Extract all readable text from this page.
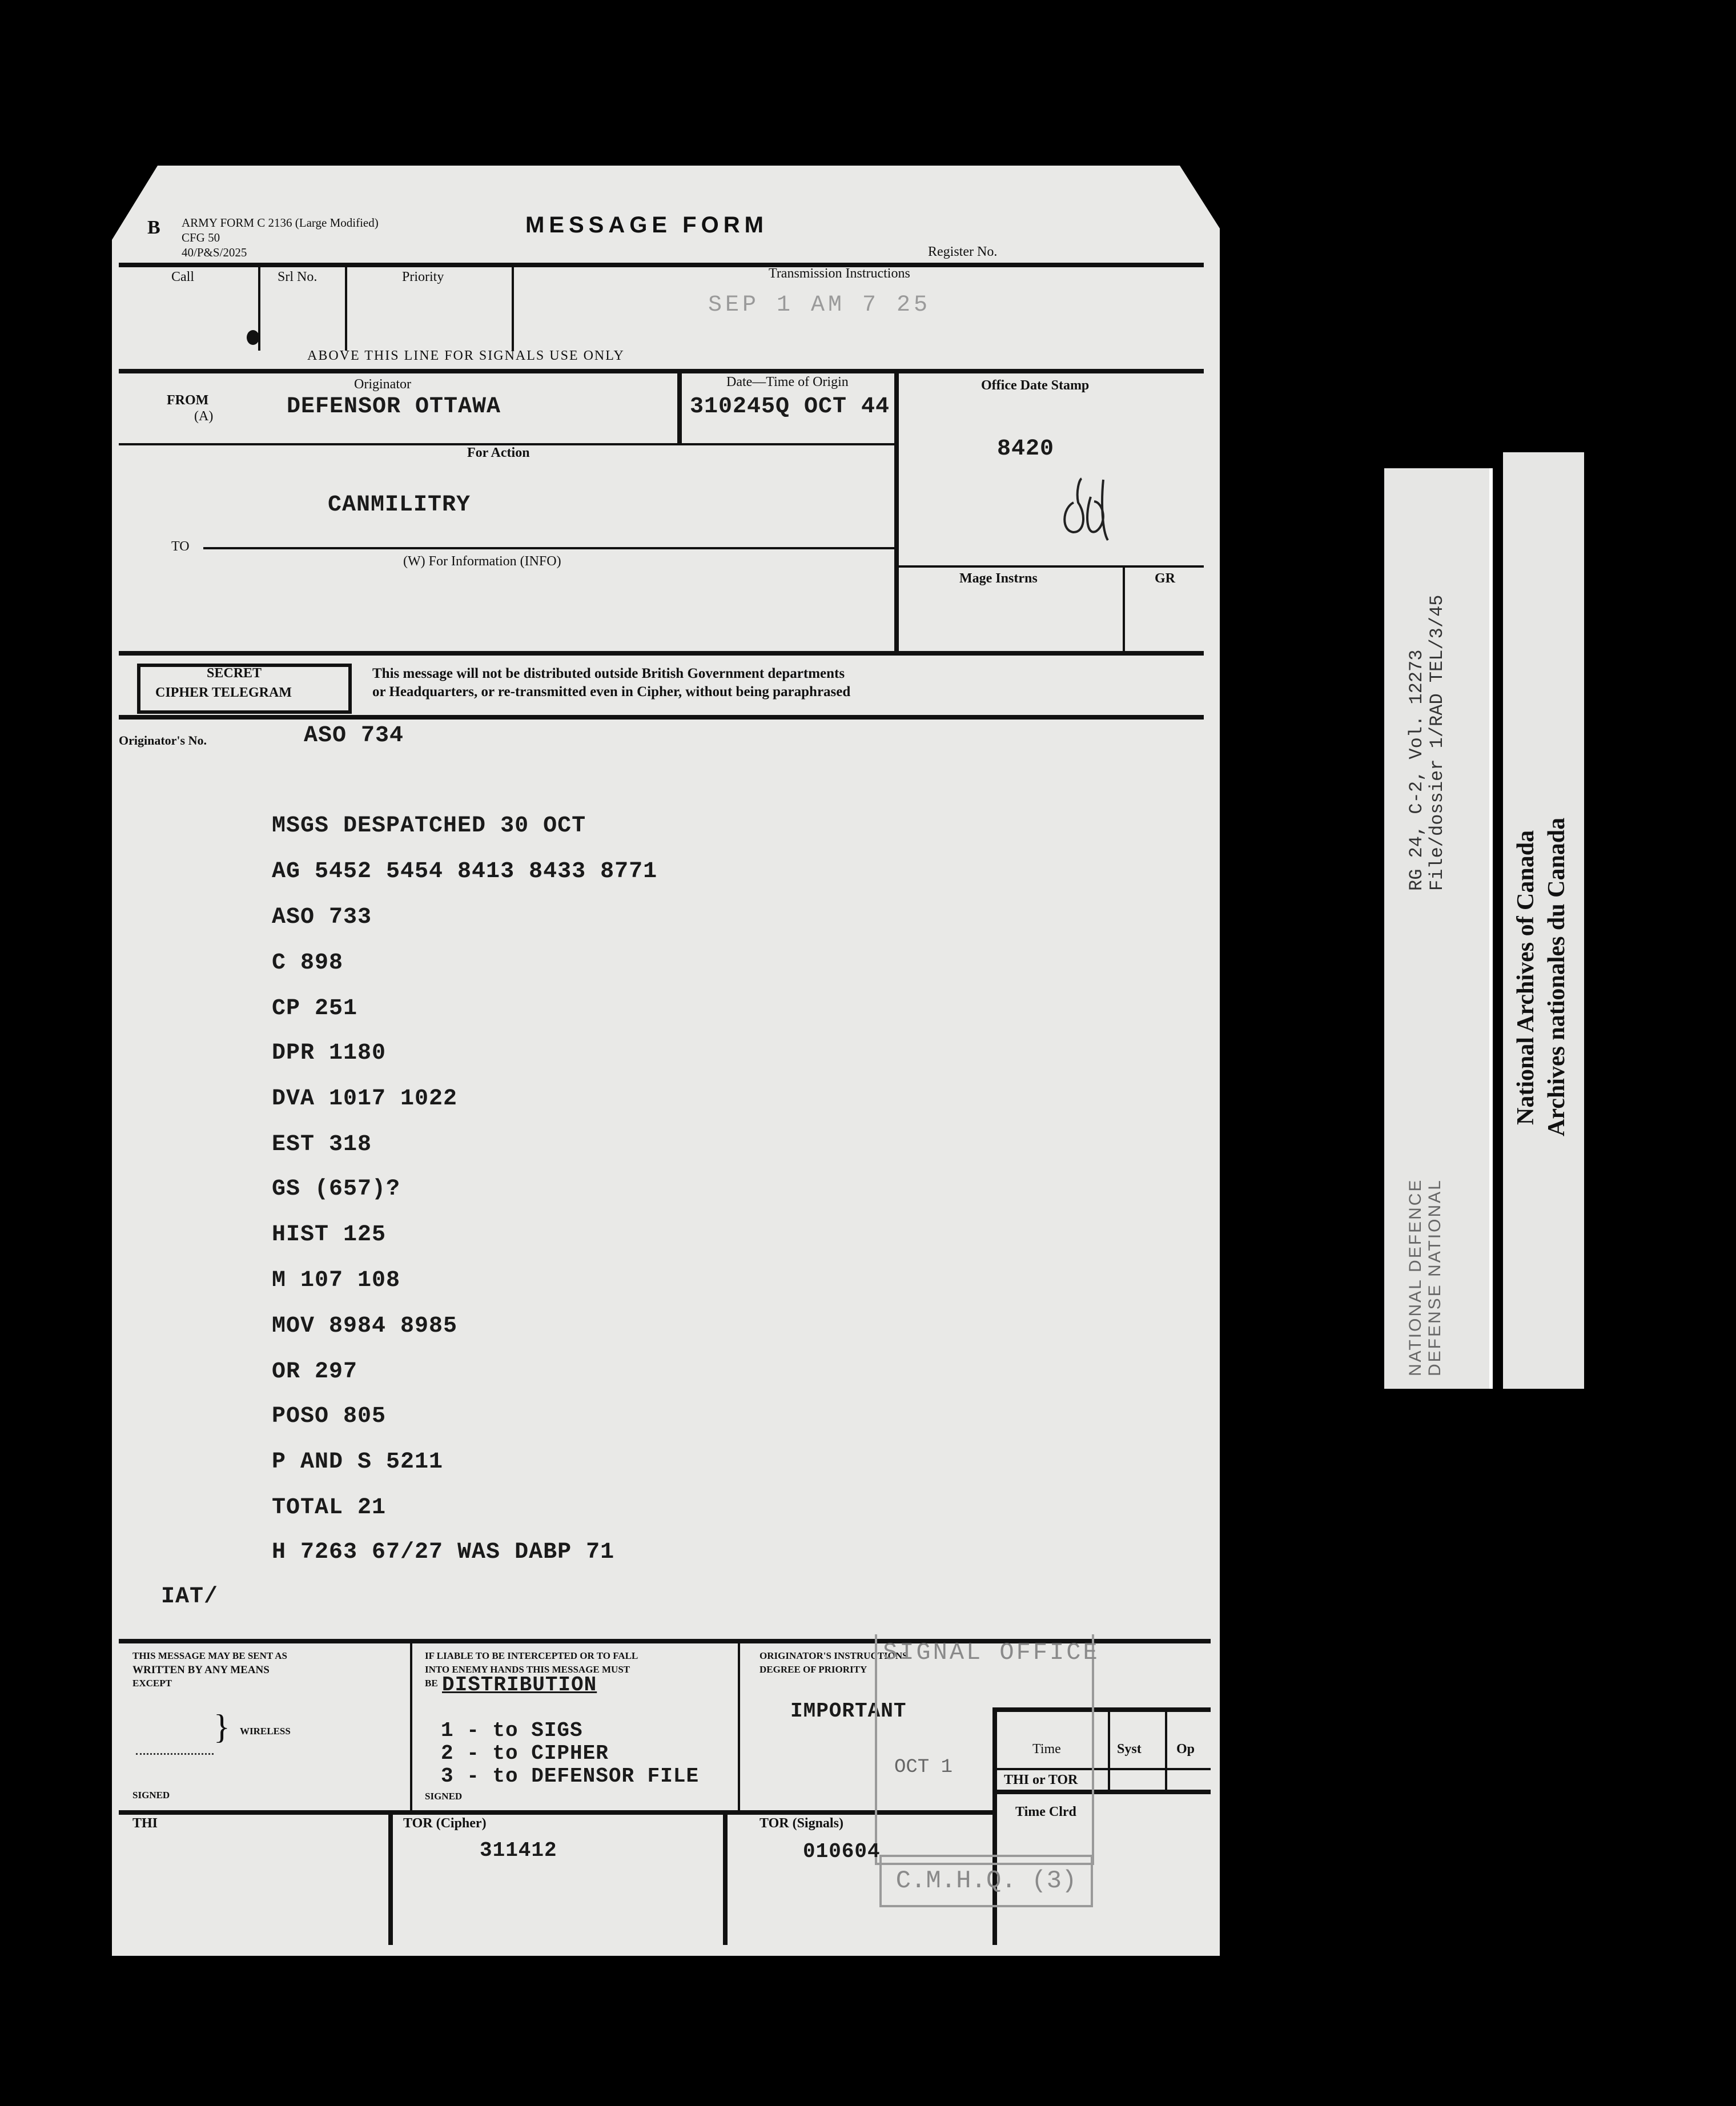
B ARMY FORM C 2136 (Large Modified)
CFG 50
40/P&S/2025
MESSAGE FORM
Register No.
Call	Srl No.	Priority	Transmission Instructions
SEP 1 AM 7 25
ABOVE THIS LINE FOR SIGNALS USE ONLY
FROM
(A)
Originator
DEFENSOR OTTAWA
Date—Time of Origin
310245Q OCT 44
Office Date Stamp
8420
For Action
CANMILITRY
TO
(W) For Information (INFO)
Mage Instrns	GR
SECRET
CIPHER TELEGRAM
This message will not be distributed outside British Government departments
or Headquarters, or re-transmitted even in Cipher, without being paraphrased
Originator's No.	ASO 734
MSGS DESPATCHED 30 OCT
AG 5452 5454 8413 8433 8771
ASO 733
C 898
CP 251
DPR 1180
DVA 1017 1022
EST 318
GS (657)?
HIST 125
M 107 108
MOV 8984 8985
OR 297
POSO 805
P AND S 5211
TOTAL 21
H 7263 67/27 WAS DABP 71
IAT/
THIS MESSAGE MAY BE SENT AS
WRITTEN BY ANY MEANS
EXCEPT
} WIRELESS
SIGNED
IF LIABLE TO BE INTERCEPTED OR TO FALL
INTO ENEMY HANDS THIS MESSAGE MUST
BE DISTRIBUTION
1 - to SIGS
2 - to CIPHER
3 - to DEFENSOR FILE
SIGNED
ORIGINATOR'S INSTRUCTIONS
DEGREE OF PRIORITY
IMPORTANT
SIGNAL OFFICE
OCT 1
Time	Syst	Op
THI or TOR
Time Clrd
THI	TOR (Cipher)
311412
TOR (Signals)
010604
C.M.H.Q. (3)
RG 24, C-2, Vol. 12273 File/dossier 1/RAD TEL/3/45
NATIONAL DEFENCE DEFENSE NATIONAL
National Archives of Canada Archives nationales du Canada
